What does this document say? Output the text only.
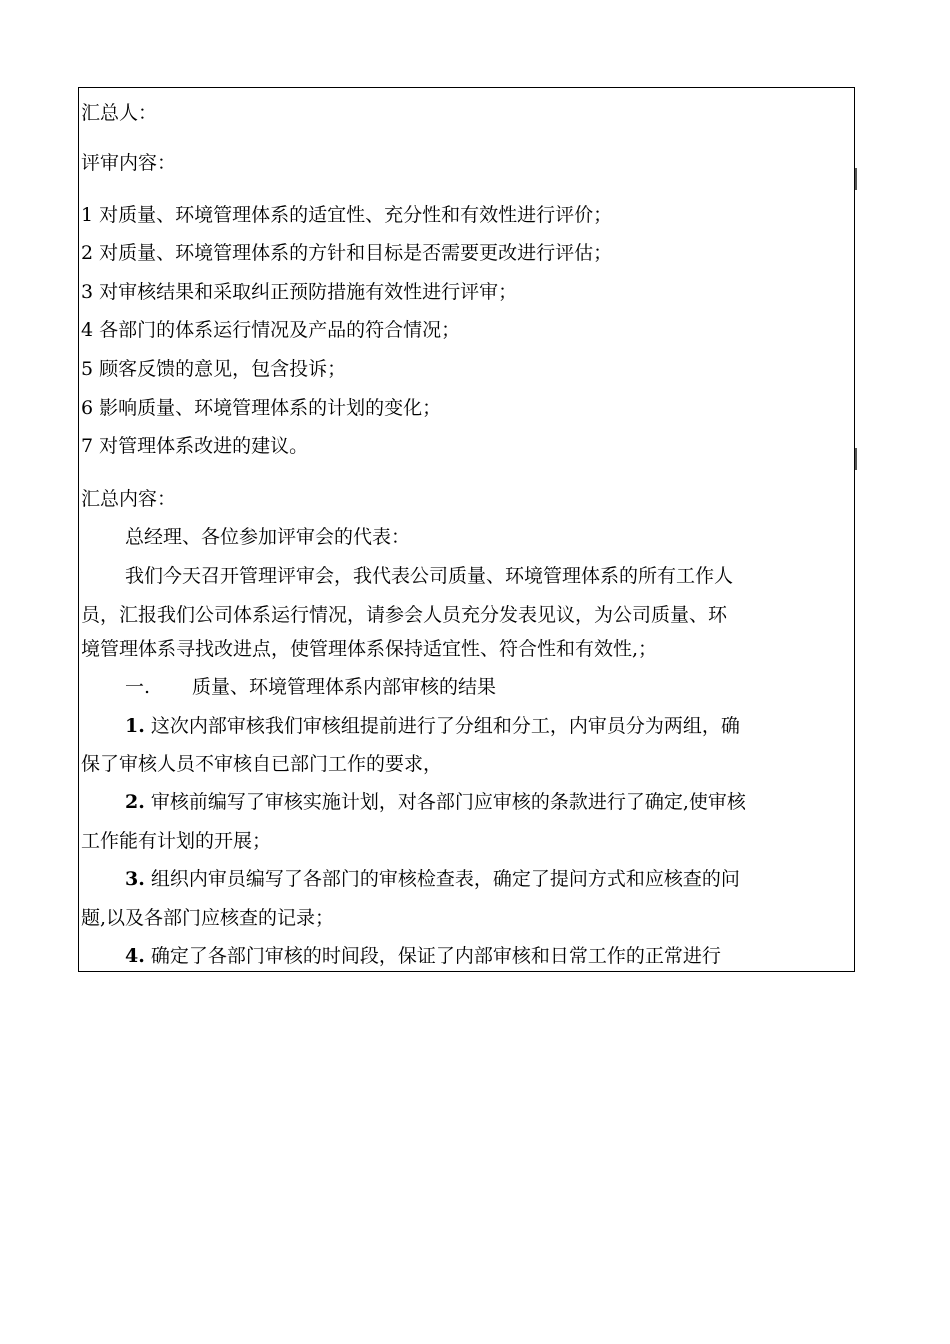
汇总人：
评审内容：
1 对质量、环境管理体系的适宜性、充分性和有效性进行评价；
2 对质量、环境管理体系的方针和目标是否需要更改进行评估；
3 对审核结果和采取纠正预防措施有效性进行评审；
4 各部门的体系运行情况及产品的符合情况；
5 顾客反馈的意见，包含投诉；
6 影响质量、环境管理体系的计划的变化；
7 对管理体系改进的建议。
汇总内容：
总经理、各位参加评审会的代表：
我们今天召开管理评审会，我代表公司质量、环境管理体系的所有工作人
员，汇报我们公司体系运行情况，请参会人员充分发表见议，为公司质量、环
境管理体系寻找改进点，使管理体系保持适宜性、符合性和有效性,；
一.	质量、环境管理体系内部审核的结果
1. 这次内部审核我们审核组提前进行了分组和分工，内审员分为两组，确
保了审核人员不审核自已部门工作的要求，
2. 审核前编写了审核实施计划，对各部门应审核的条款进行了确定,使审核
工作能有计划的开展；
3. 组织内审员编写了各部门的审核检查表，确定了提问方式和应核查的问
题,以及各部门应核查的记录；
4. 确定了各部门审核的时间段，保证了内部审核和日常工作的正常进行
